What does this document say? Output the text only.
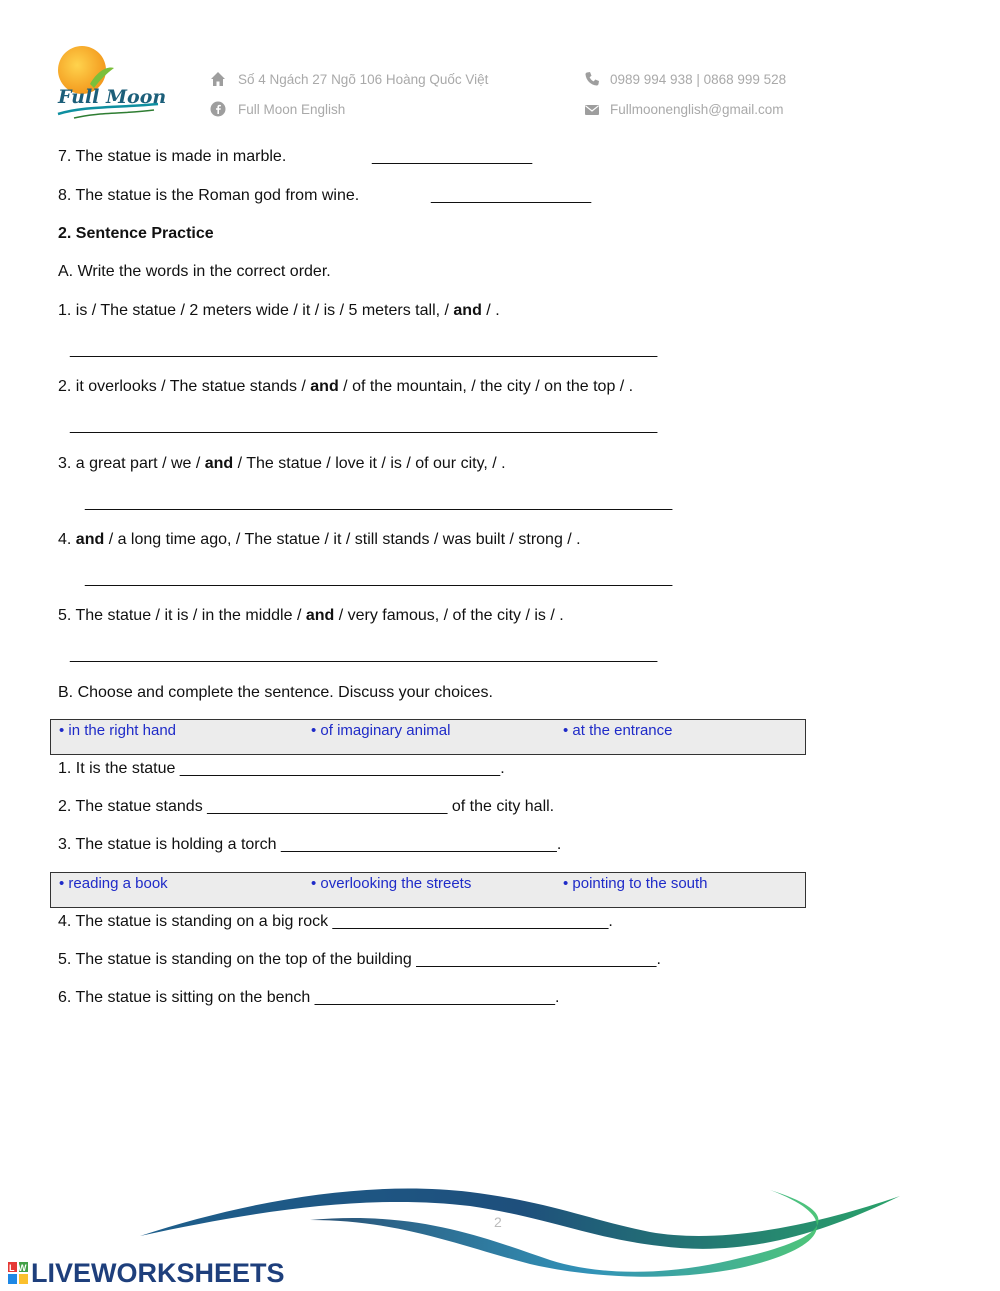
Full Moon
Số 4 Ngách 27 Ngõ 106 Hoàng Quốc Việt
Full Moon English
0989 994 938 | 0868 999 528
Fullmoonenglish@gmail.com
7. The statue is made in marble.	__________________
8. The statue is the Roman god from wine.	__________________
2. Sentence Practice
A. Write the words in the correct order.
1. is / The statue / 2 meters wide / it / is / 5 meters tall, / and / .
__________________________________________________________________
2. it overlooks / The statue stands / and / of the mountain, / the city / on the top / .
__________________________________________________________________
3. a great part / we / and / The statue / love it / is / of our city, / .
__________________________________________________________________
4. and / a long time ago, / The statue / it / still stands / was built / strong / .
__________________________________________________________________
5. The statue / it is / in the middle / and / very famous, / of the city / is / .
__________________________________________________________________
B. Choose and complete the sentence. Discuss your choices.
• in the right hand	• of imaginary animal	• at the entrance
1. It is the statue ____________________________________.
2. The statue stands ___________________________ of the city hall.
3. The statue is holding a torch _______________________________.
• reading a book	• overlooking the streets	• pointing to the south
4. The statue is standing on a big rock _______________________________.
5. The statue is standing on the top of the building ___________________________.
6. The statue is sitting on the bench ___________________________.
2
LW LIVEWORKSHEETS
